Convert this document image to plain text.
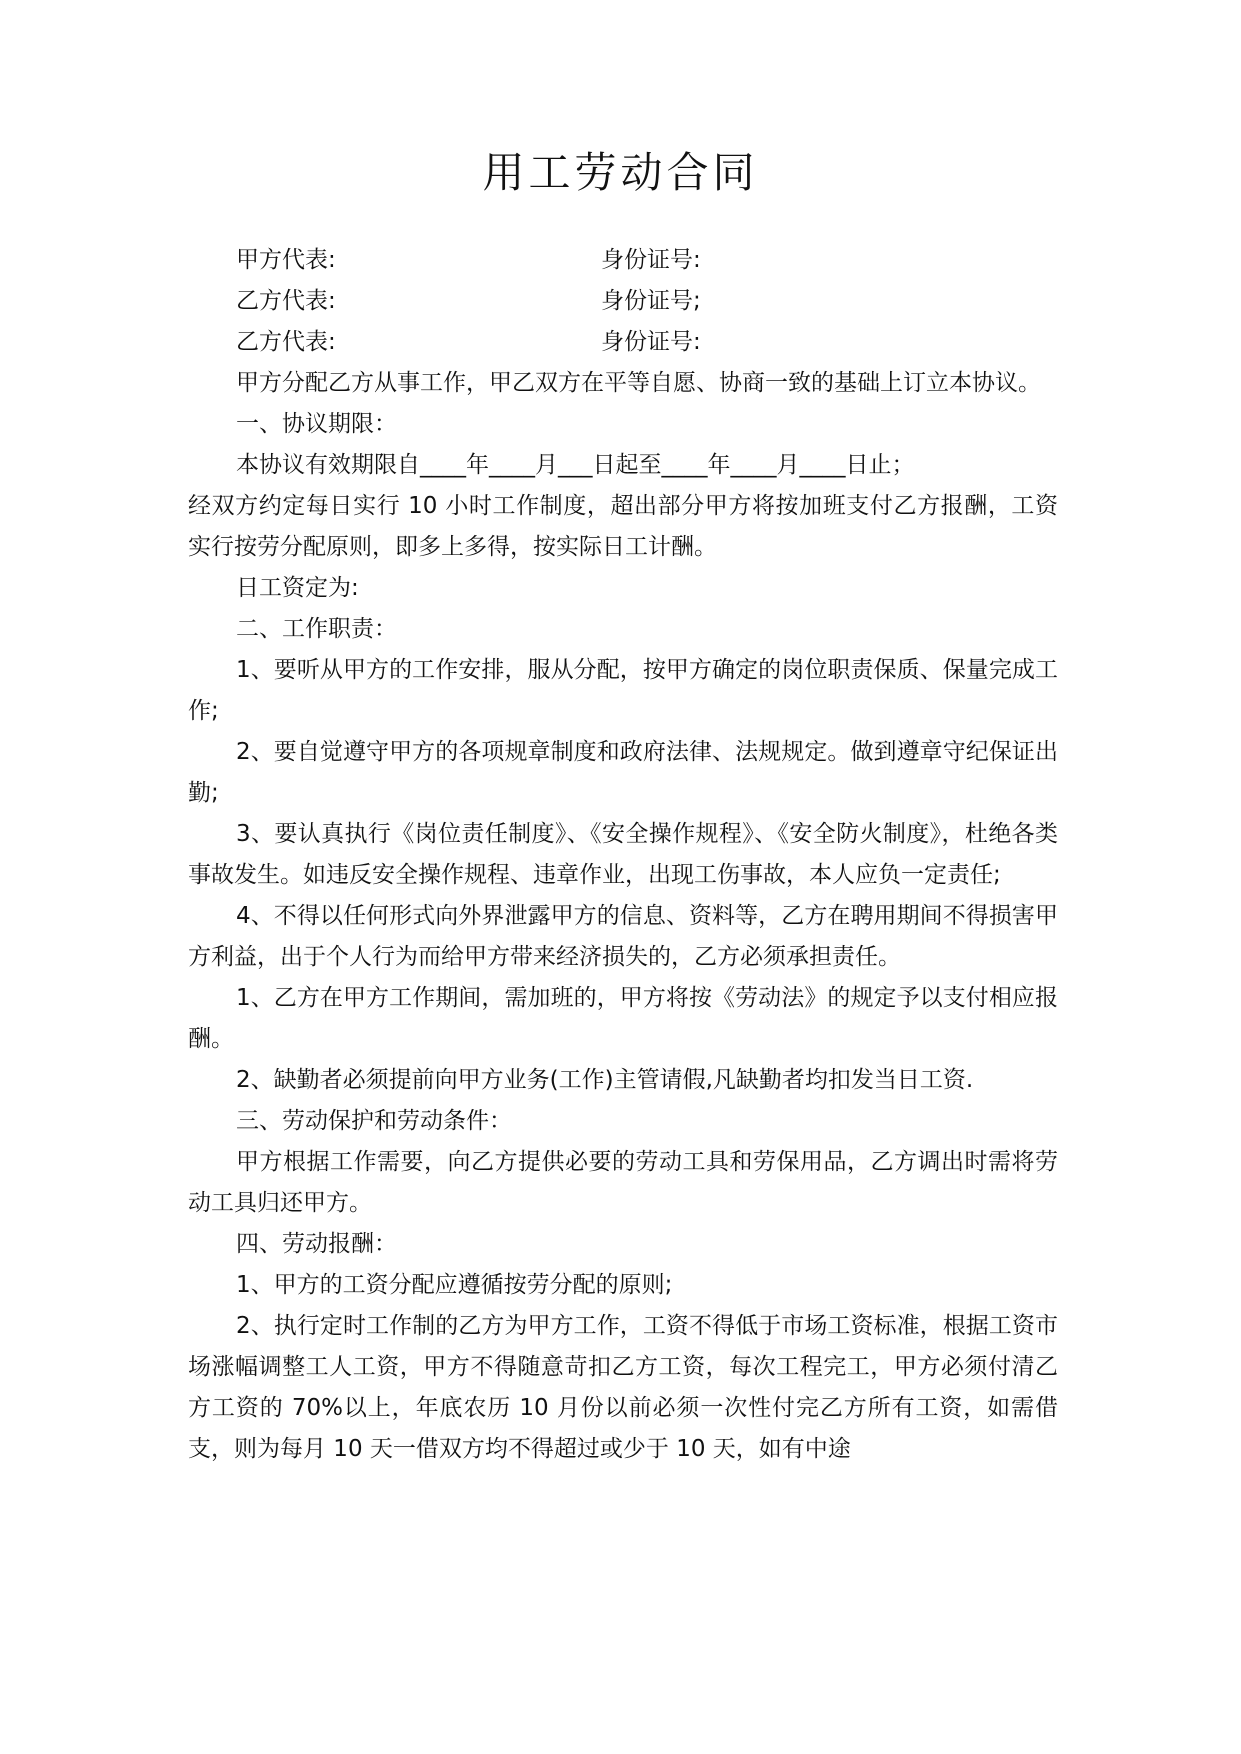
用工劳动合同
甲方代表:	身份证号:
乙方代表:	身份证号;
乙方代表:	身份证号:

甲方分配乙方从事工作，甲乙双方在平等自愿、协商一致的基础上订立本协议。

一、协议期限：

本协议有效期限自____年____月___日起至____年____月____日止；

经双方约定每日实行 10 小时工作制度，超出部分甲方将按加班支付乙方报酬，工资实行按劳分配原则，即多上多得，按实际日工计酬。

日工资定为:

二、工作职责：

1、要听从甲方的工作安排，服从分配，按甲方确定的岗位职责保质、保量完成工作;

2、要自觉遵守甲方的各项规章制度和政府法律、法规规定。做到遵章守纪保证出勤;

3、要认真执行《岗位责任制度》、《安全操作规程》、《安全防火制度》，杜绝各类事故发生。如违反安全操作规程、违章作业，出现工伤事故，本人应负一定责任;

4、不得以任何形式向外界泄露甲方的信息、资料等，乙方在聘用期间不得损害甲方利益，出于个人行为而给甲方带来经济损失的，乙方必须承担责任。

1、乙方在甲方工作期间，需加班的，甲方将按《劳动法》的规定予以支付相应报酬。

2、缺勤者必须提前向甲方业务(工作)主管请假,凡缺勤者均扣发当日工资.

三、劳动保护和劳动条件：

甲方根据工作需要，向乙方提供必要的劳动工具和劳保用品，乙方调出时需将劳动工具归还甲方。

四、劳动报酬：

1、甲方的工资分配应遵循按劳分配的原则;

2、执行定时工作制的乙方为甲方工作，工资不得低于市场工资标准，根据工资市场涨幅调整工人工资，甲方不得随意苛扣乙方工资，每次工程完工，甲方必须付清乙方工资的 70%以上，年底农历 10 月份以前必须一次性付完乙方所有工资，如需借支，则为每月 10 天一借双方均不得超过或少于 10 天，如有中途
